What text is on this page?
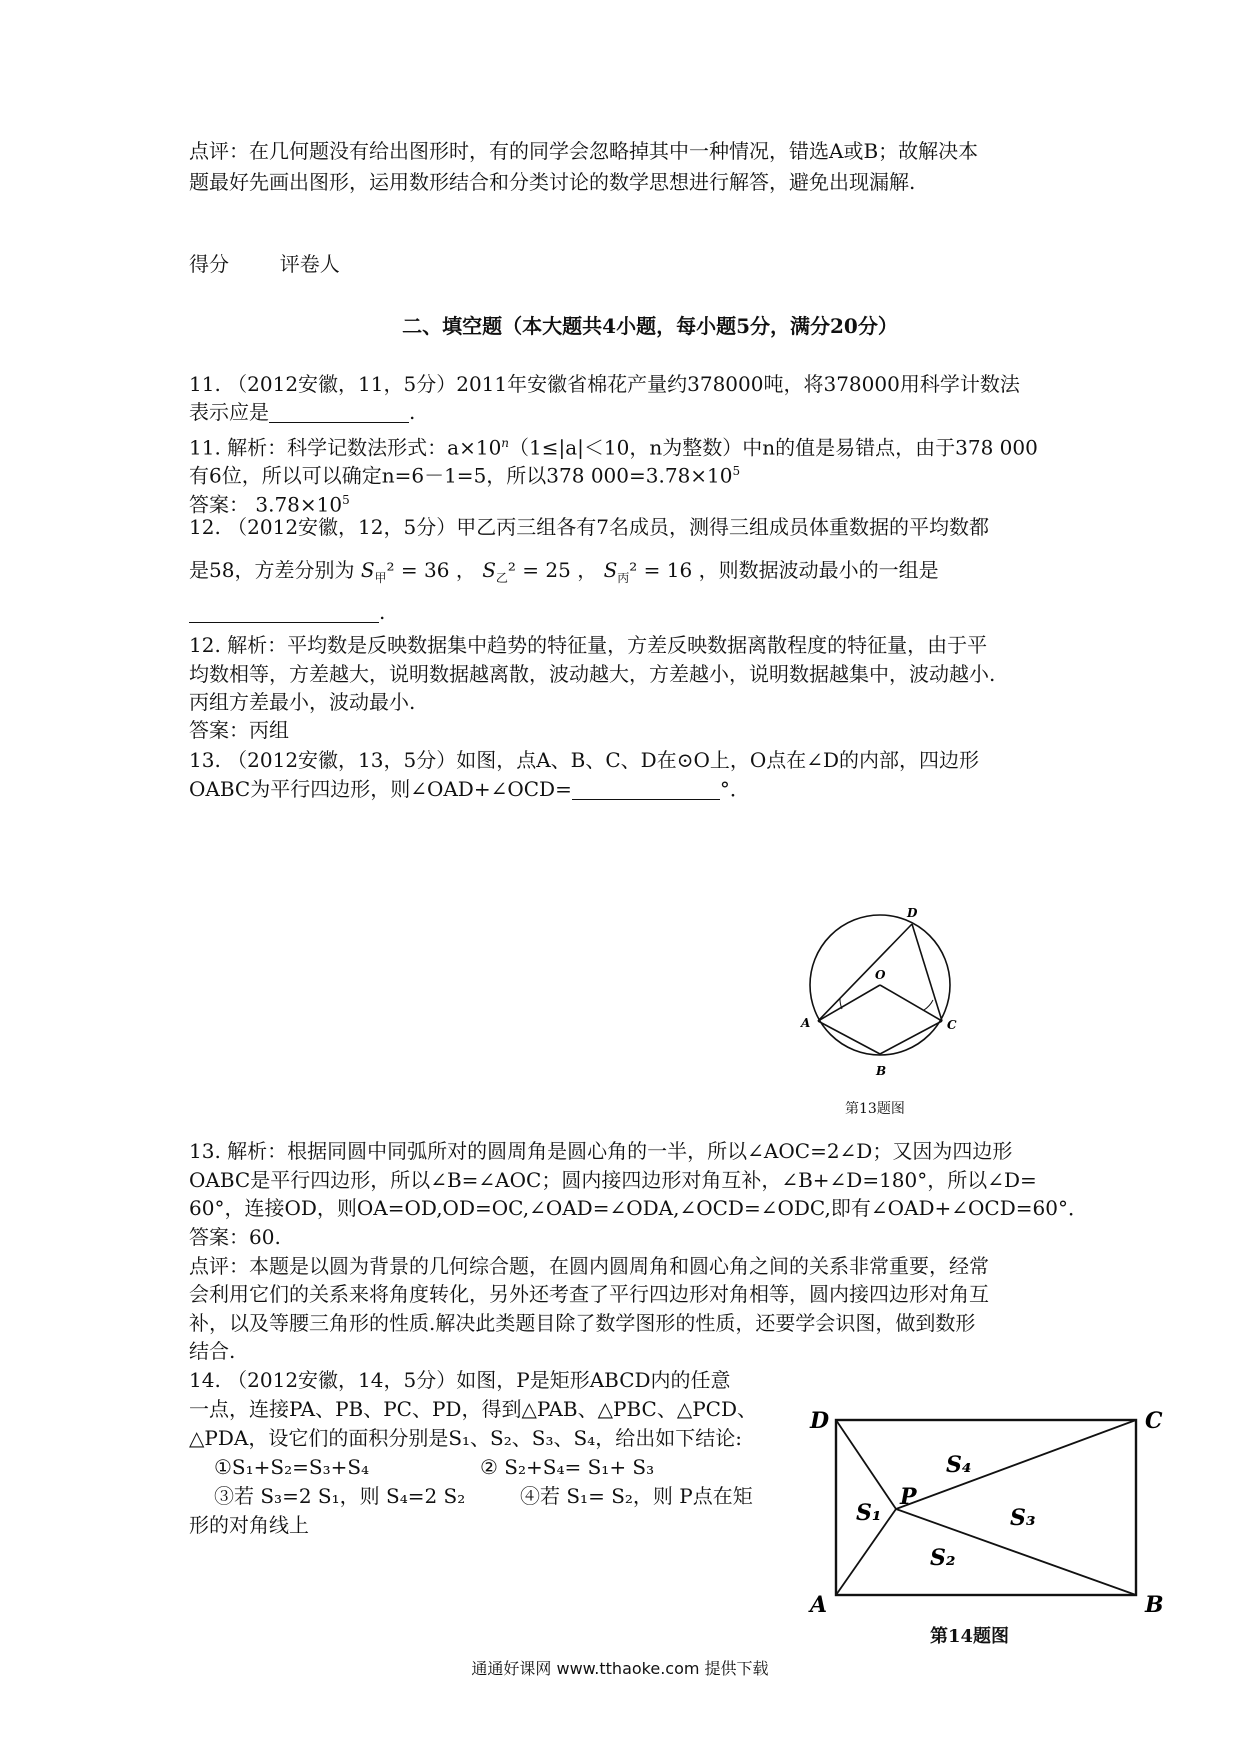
点评：在几何题没有给出图形时，有的同学会忽略掉其中一种情况，错选A或B；故解决本
题最好先画出图形，运用数形结合和分类讨论的数学思想进行解答，避免出现漏解.
得分	评卷人
二、填空题（本大题共4小题，每小题5分，满分20分）
11. （2012安徽，11，5分）2011年安徽省棉花产量约378000吨，将378000用科学计数法
表示应是	.
11. 解析：科学记数法形式：$a\times 10^n(1\le|a|<10$，n为整数）中n的值是易错点，由于378 000
有6位，所以可以确定n=6－1=5，所以378 $000=3.78\times 10^5$
答案： $3.78\times 10^5$
12. （2012安徽，12，5分）甲乙丙三组各有7名成员，测得三组成员体重数据的平均数都
是58，方差分别为 $S_甲^2 = 36$ ， $S_乙^2 = 25$ ， $S_丙^2 = 16$ ，则数据波动最小的一组是
.
12. 解析：平均数是反映数据集中趋势的特征量，方差反映数据离散程度的特征量，由于平
均数相等，方差越大，说明数据越离散，波动越大，方差越小，说明数据越集中，波动越小.
丙组方差最小，波动最小.
答案：丙组
13. （2012安徽，13，5分）如图，点A、B、C、D在⊙O上，O点在∠D的内部，四边形
OABC为平行四边形，则∠OAD+∠OCD=	°．
D
O
A	C
B
第13题图
13. 解析：根据同圆中同弧所对的圆周角是圆心角的一半，所以∠AOC=2∠D；又因为四边形
OABC是平行四边形，所以∠B=∠AOC；圆内接四边形对角互补，∠B+∠D=180°，所以∠D=
60°，连接OD，则OA=OD,OD=OC,∠OAD=∠ODA,∠OCD=∠ODC,即有∠OAD+∠OCD=60°．
答案：60.
点评：本题是以圆为背景的几何综合题，在圆内圆周角和圆心角之间的关系非常重要，经常
会利用它们的关系来将角度转化，另外还考查了平行四边形对角相等，圆内接四边形对角互
补，以及等腰三角形的性质.解决此类题目除了数学图形的性质，还要学会识图，做到数形
结合.
14. （2012安徽，14，5分）如图，P是矩形ABCD内的任意
一点，连接PA、PB、PC、PD，得到△PAB、△PBC、△PCD、
△PDA，设它们的面积分别是S₁、S₂、S₃、S₄，给出如下结论:
①S₁+S₂=S₃+S₄	② S₂+S₄= S₁+ S₃
③若 S₃=2 S₁，则 S₄=2 S₂	④若 S₁= S₂，则 P点在矩
形的对角线上
D	C
A	B
P
S₄
S₁	S₃
S₂
第14题图
通通好课网 www.tthaoke.com 提供下载
